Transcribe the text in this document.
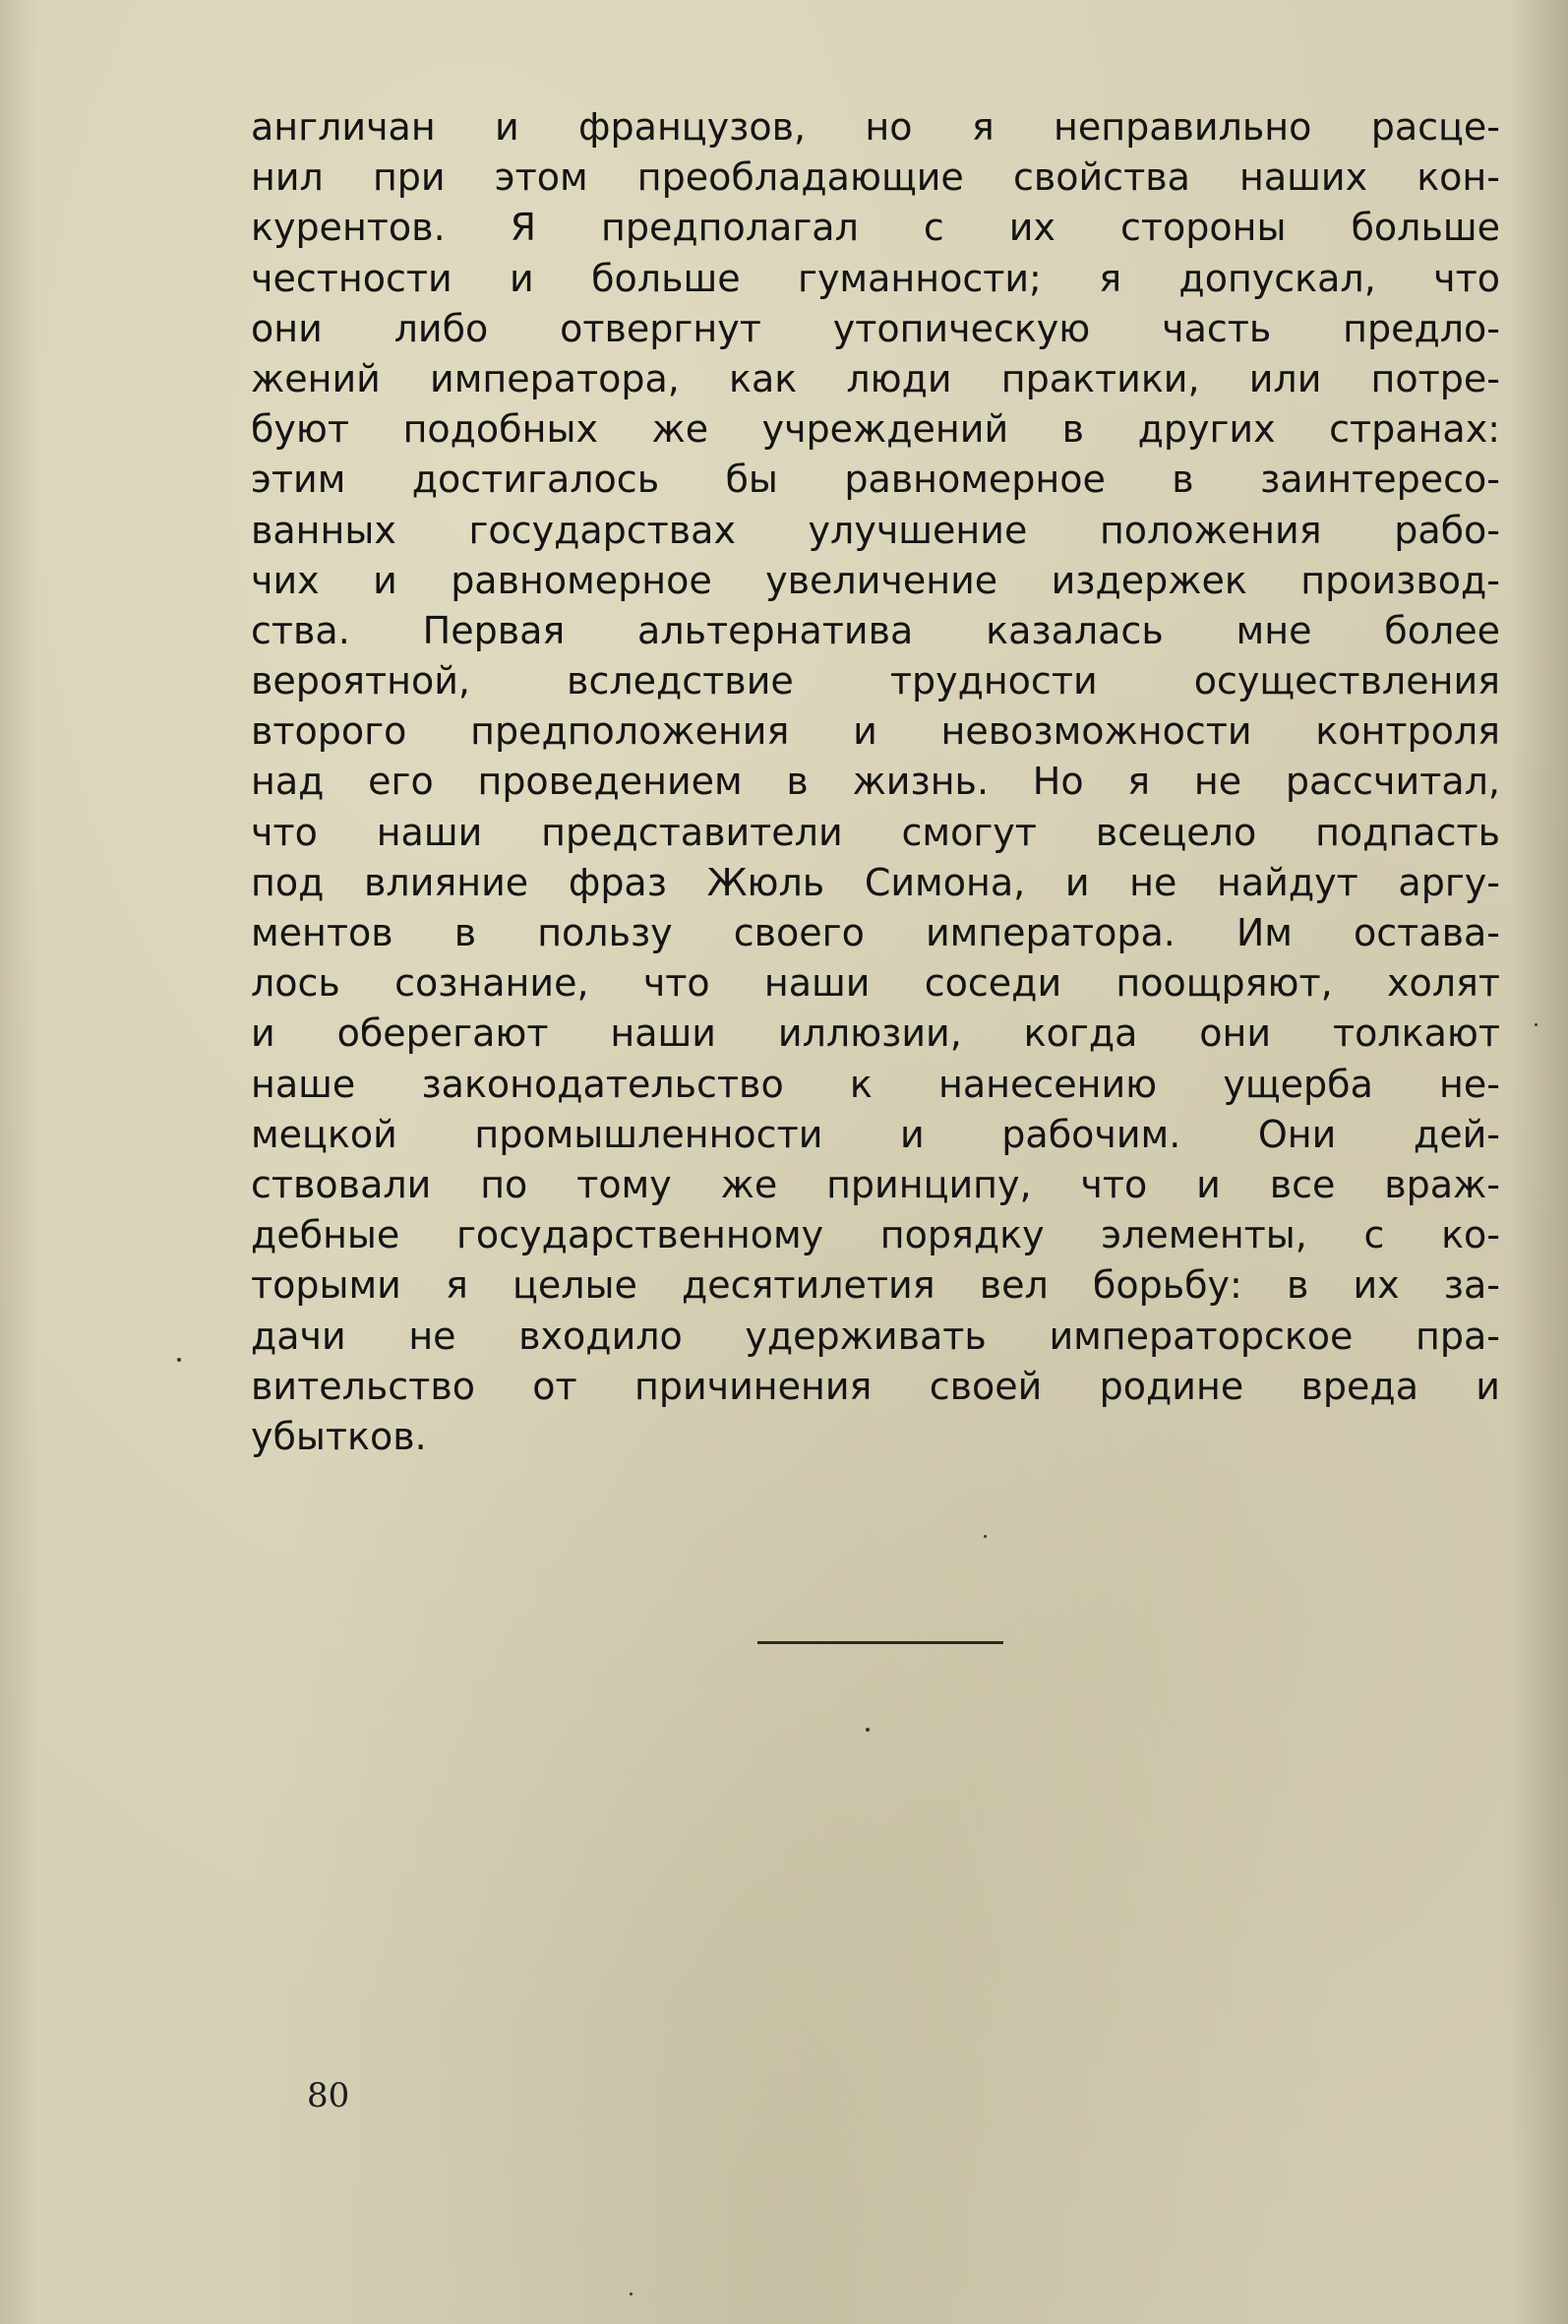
англичан и французов, но я неправильно расце-
нил при этом преобладающие свойства наших кон-
курентов. Я предполагал с их стороны больше
честности и больше гуманности; я допускал, что
они либо отвергнут утопическую часть предло-
жений императора, как люди практики, или потре-
буют подобных же учреждений в других странах:
этим достигалось бы равномерное в заинтересо-
ванных государствах улучшение положения рабо-
чих и равномерное увеличение издержек производ-
ства. Первая альтернатива казалась мне более
вероятной, вследствие трудности осуществления
второго предположения и невозможности контроля
над его проведением в жизнь. Но я не рассчитал,
что наши представители смогут всецело подпасть
под влияние фраз Жюль Симона, и не найдут аргу-
ментов в пользу своего императора. Им остава-
лось сознание, что наши соседи поощряют, холят
и оберегают наши иллюзии, когда они толкают
наше законодательство к нанесению ущерба не-
мецкой промышленности и рабочим. Они дей-
ствовали по тому же принципу, что и все враж-
дебные государственному порядку элементы, с ко-
торыми я целые десятилетия вел борьбу: в их за-
дачи не входило удерживать императорское пра-
вительство от причинения своей родине вреда и
убытков.
80
